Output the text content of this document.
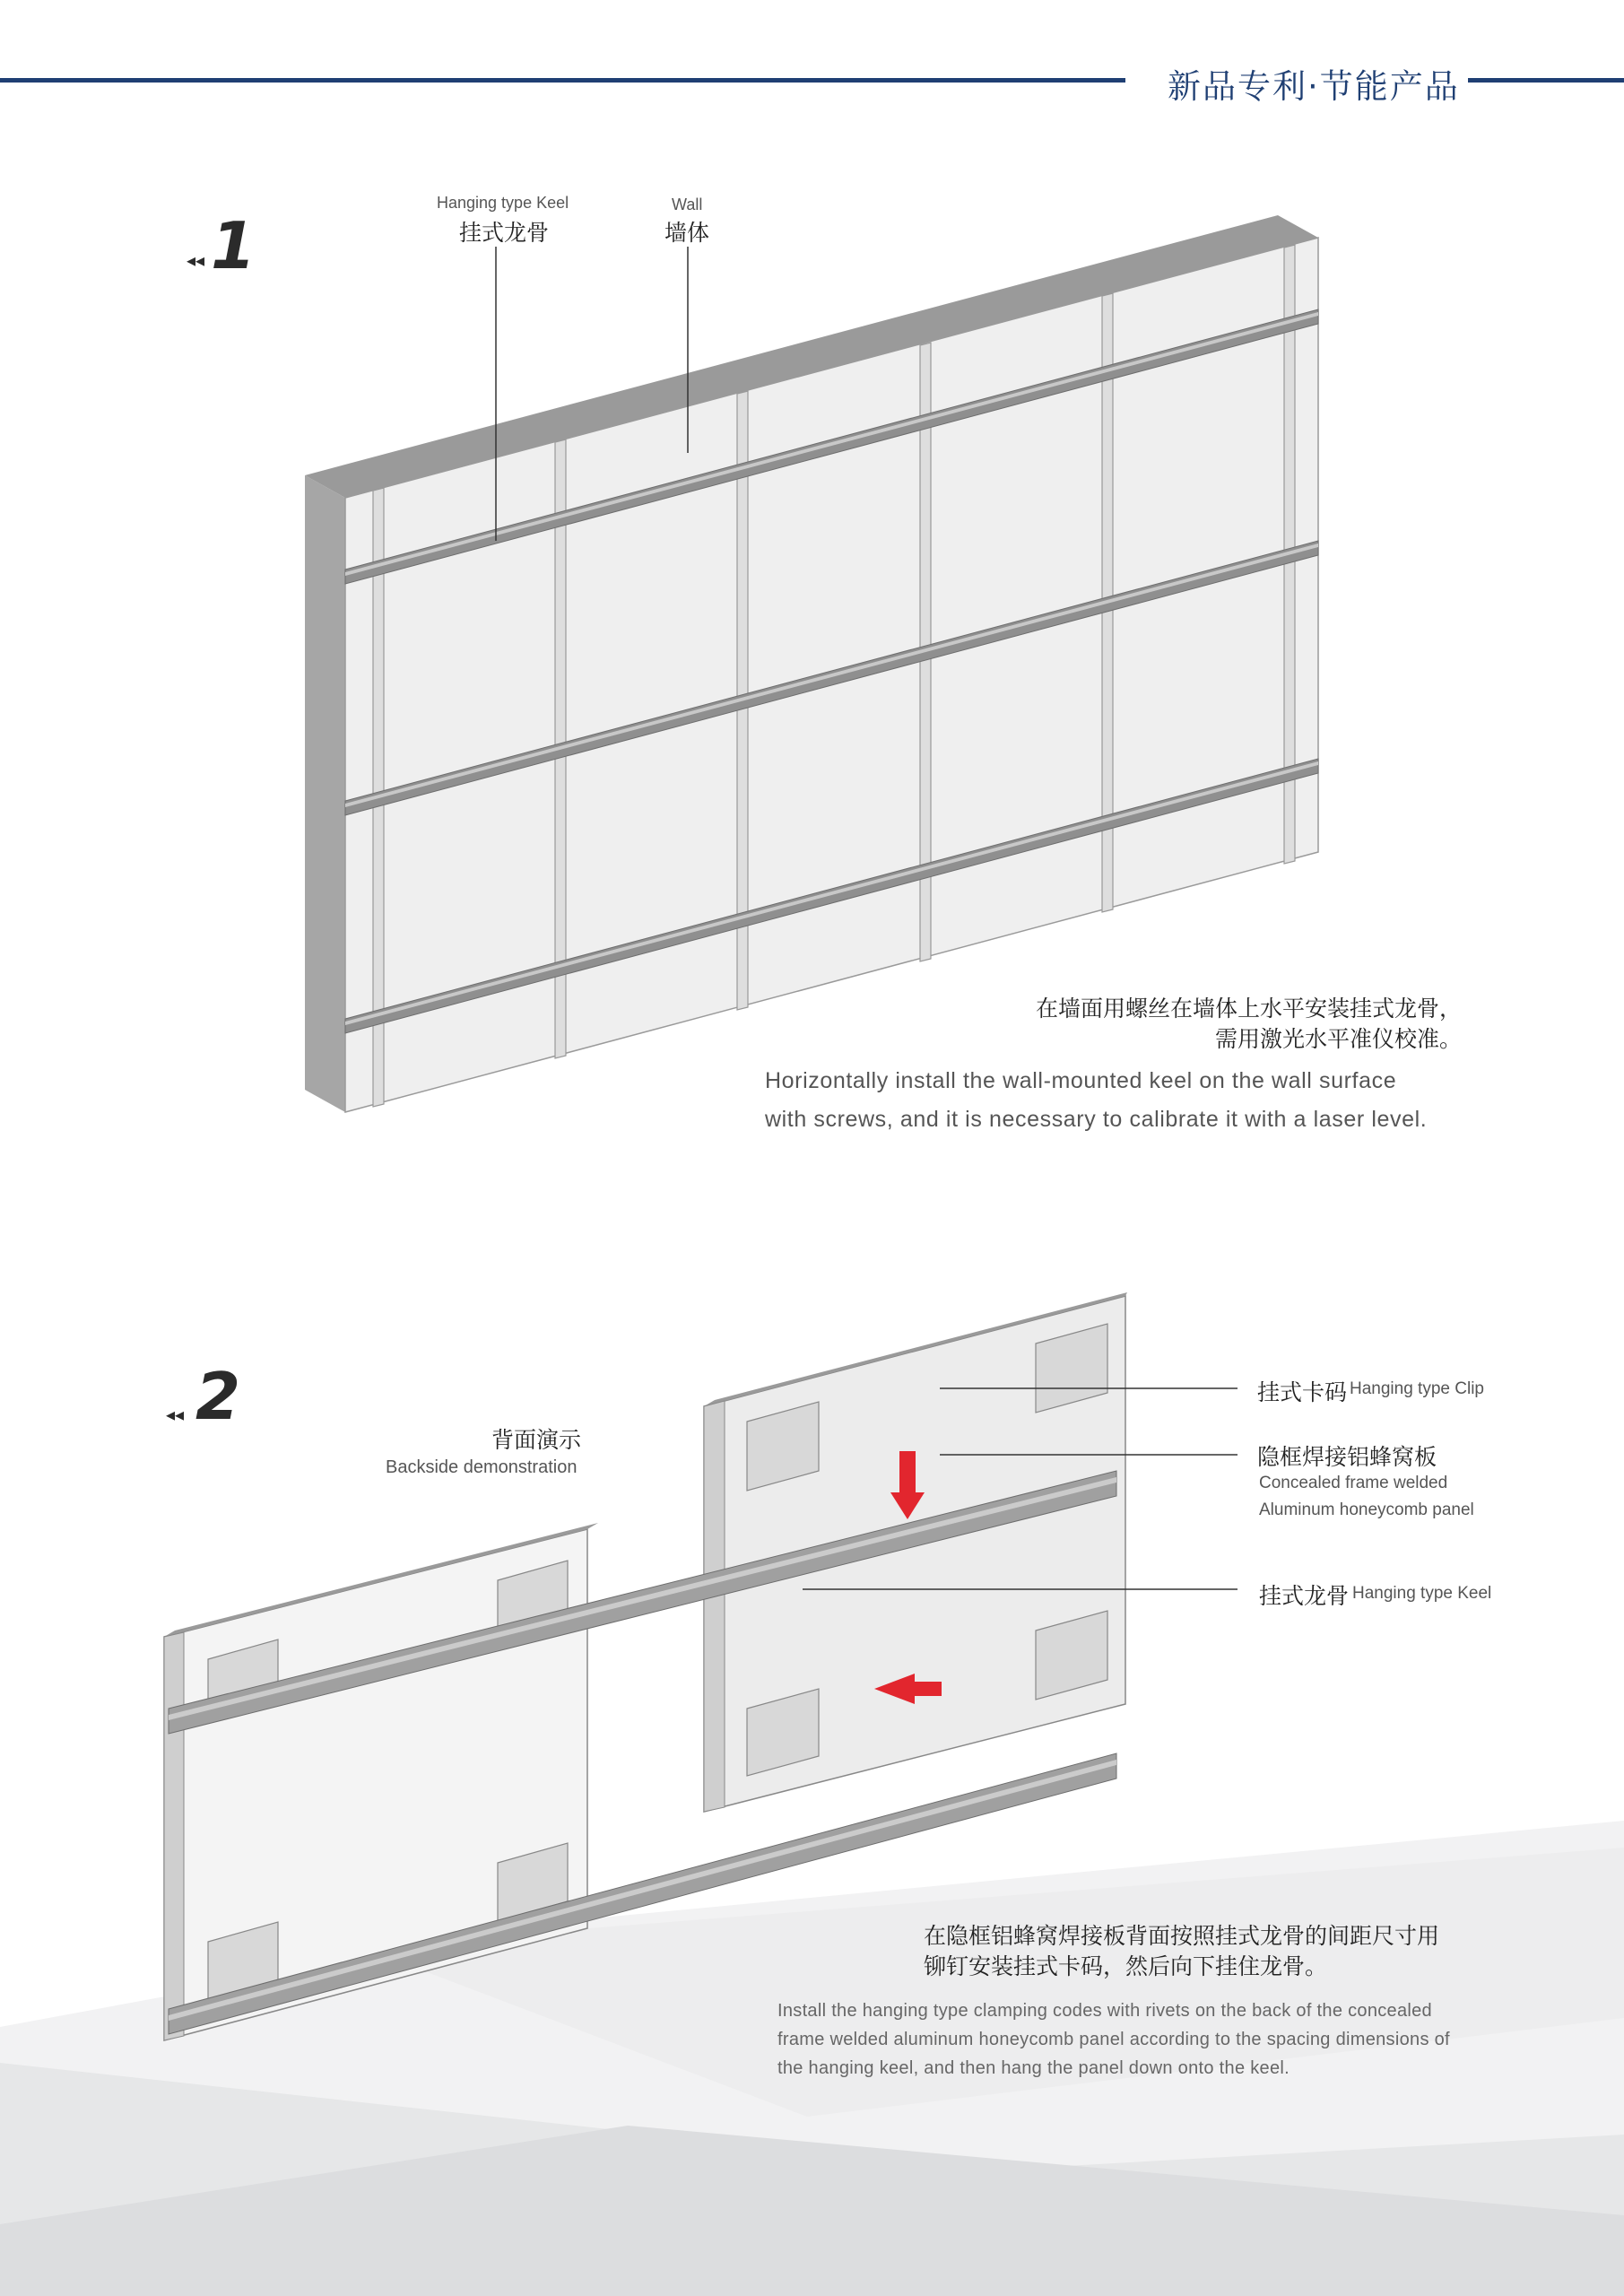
新品专利·节能产品
◂◂ 1
Hanging type Keel
挂式龙骨
Wall
墙体
在墙面用螺丝在墙体上水平安装挂式龙骨，
需用激光水平准仪校准。
Horizontally install the wall-mounted keel on the wall surface
with screws, and it is necessary to calibrate it with a laser level.
◂◂ 2
背面演示
Backside demonstration
挂式卡码 Hanging type Clip
隐框焊接铝蜂窝板
Concealed frame welded
Aluminum honeycomb panel
挂式龙骨 Hanging type Keel
在隐框铝蜂窝焊接板背面按照挂式龙骨的间距尺寸用
铆钉安装挂式卡码，然后向下挂住龙骨。
Install the hanging type clamping codes with rivets on the back of the concealed
frame welded aluminum honeycomb panel according to the spacing dimensions of
the hanging keel, and then hang the panel down onto the keel.
